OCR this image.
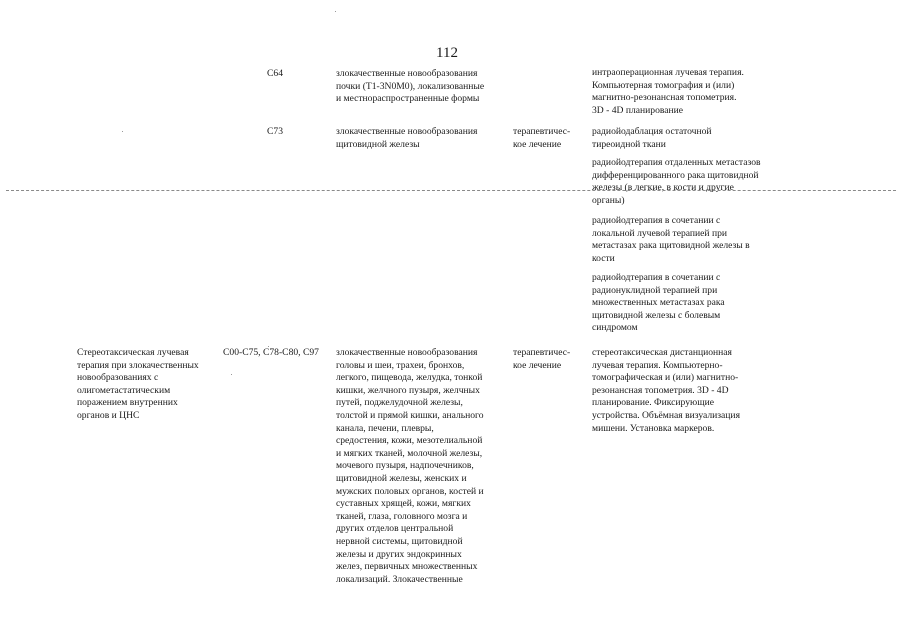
112
C64	злокачественные новообразования
почки (Т1-3N0M0), локализованные
и местнораспространенные формы
интраоперационная лучевая терапия.
Компьютерная томография и (или)
магнитно-резонансная топометрия.
3D - 4D планирование
C73	злокачественные новообразования
щитовидной железы
терапевтичес-
кое лечение
радиойодаблация остаточной
тиреоидной ткани
радиойодтерапия отдаленных метастазов
дифференцированного рака щитовидной
железы (в легкие, в кости и другие
органы)
радиойодтерапия в сочетании с
локальной лучевой терапией при
метастазах рака щитовидной железы в
кости
радиойодтерапия в сочетании с
радионуклидной терапией при
множественных метастазах рака
щитовидной железы с болевым
синдромом
Стереотаксическая лучевая
терапия при злокачественных
новообразованиях с
олигометастатическим
поражением внутренних
органов и ЦНС
C00-C75, C78-C80, C97 злокачественные новообразования
головы и шеи, трахеи, бронхов,
легкого, пищевода, желудка, тонкой
кишки, желчного пузыря, желчных
путей, поджелудочной железы,
толстой и прямой кишки, анального
канала, печени, плевры,
средостения, кожи, мезотелиальной
и мягких тканей, молочной железы,
мочевого пузыря, надпочечников,
щитовидной железы, женских и
мужских половых органов, костей и
суставных хрящей, кожи, мягких
тканей, глаза, головного мозга и
других отделов центральной
нервной системы, щитовидной
железы и других эндокринных
желез, первичных множественных
локализаций. Злокачественные
терапевтичес-
кое лечение
стереотаксическая дистанционная
лучевая терапия. Компьютерно-
томографическая и (или) магнитно-
резонансная топометрия. 3D - 4D
планирование. Фиксирующие
устройства. Объёмная визуализация
мишени. Установка маркеров.
